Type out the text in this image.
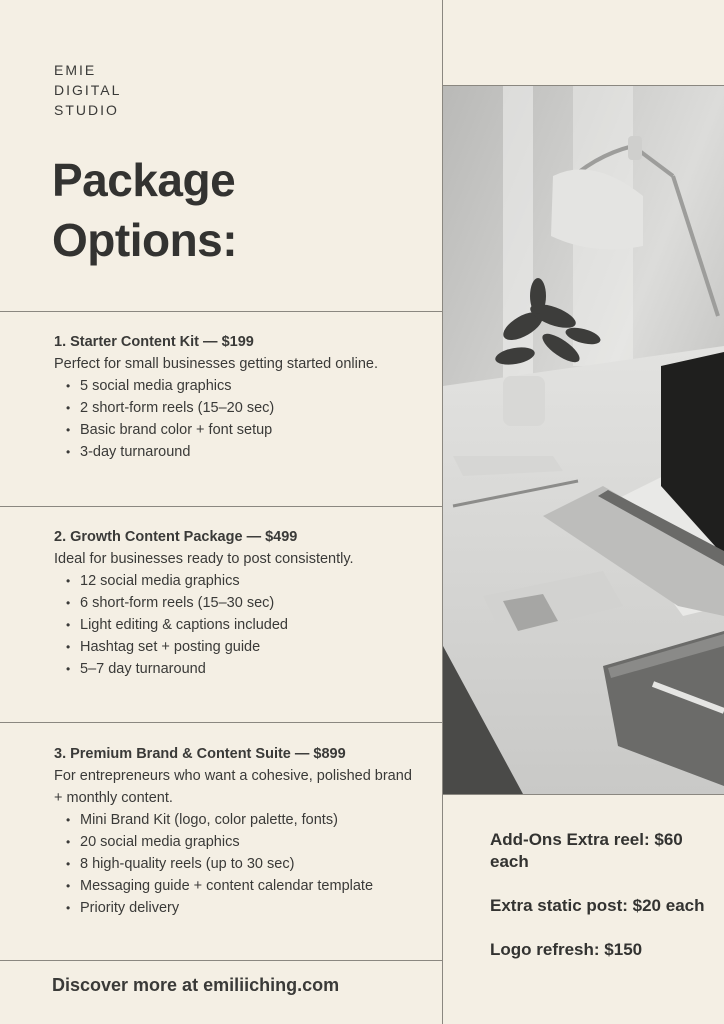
EMIE
DIGITAL
STUDIO
Package
Options:
1. Starter Content Kit — $199
Perfect for small businesses getting started online.
• 5 social media graphics
• 2 short-form reels (15–20 sec)
• Basic brand color + font setup
• 3-day turnaround
2. Growth Content Package — $499
Ideal for businesses ready to post consistently.
• 12 social media graphics
• 6 short-form reels (15–30 sec)
• Light editing & captions included
• Hashtag set + posting guide
• 5–7 day turnaround
3. Premium Brand & Content Suite — $899
For entrepreneurs who want a cohesive, polished brand + monthly content.
• Mini Brand Kit (logo, color palette, fonts)
• 20 social media graphics
• 8 high-quality reels (up to 30 sec)
• Messaging guide + content calendar template
• Priority delivery
Discover more at emiliiching.com
Add-Ons Extra reel: $60 each
Extra static post: $20 each
Logo refresh: $150
